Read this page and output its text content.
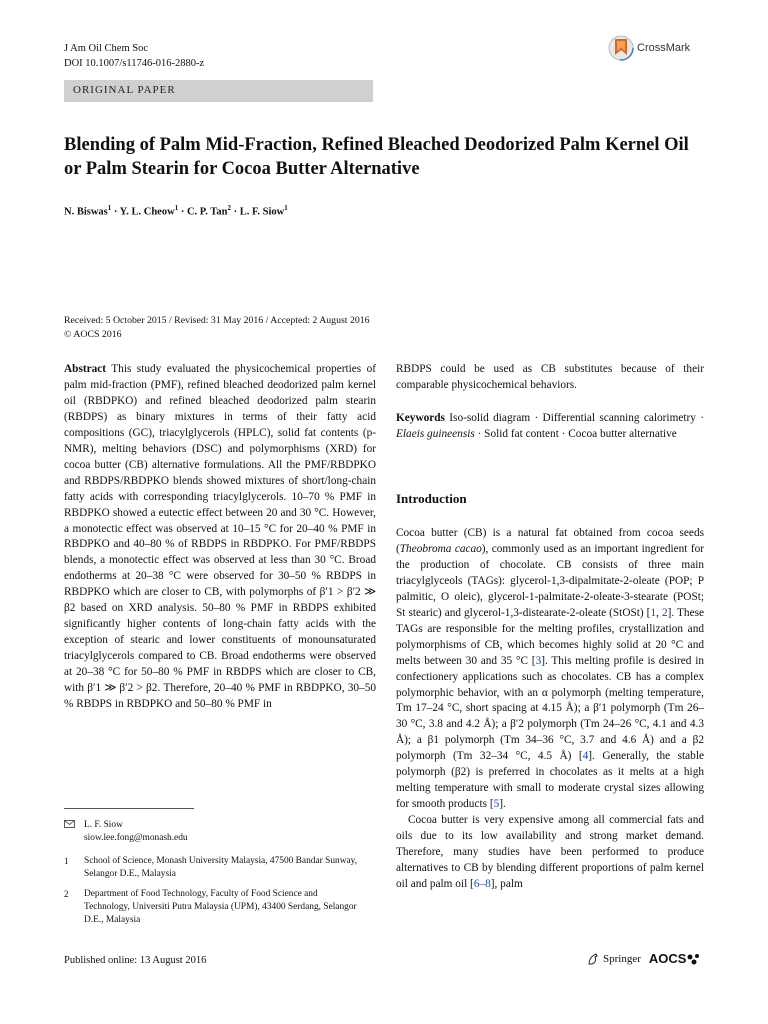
J Am Oil Chem Soc
DOI 10.1007/s11746-016-2880-z
CrossMark
ORIGINAL PAPER
Blending of Palm Mid-Fraction, Refined Bleached Deodorized Palm Kernel Oil or Palm Stearin for Cocoa Butter Alternative
N. Biswas$^1$ · Y. L. Cheow$^1$ · C. P. Tan$^2$ · L. F. Siow$^1$
Received: 5 October 2015 / Revised: 31 May 2016 / Accepted: 2 August 2016
© AOCS 2016

Abstract This study evaluated the physicochemical properties of palm mid-fraction (PMF), refined bleached deodorized palm kernel oil (RBDPKO) and refined bleached deodorized palm stearin (RBDPS) as binary mixtures in terms of their fatty acid compositions (GC), triacylglycerols (HPLC), solid fat contents (p-NMR), melting behaviors (DSC) and polymorphisms (XRD) for cocoa butter (CB) alternative formulations. All the PMF/RBDPKO and RBDPS/RBDPKO blends showed mixtures of short/long-chain fatty acids with corresponding triacylglycerols. 10–70 % PMF in RBDPKO showed a eutectic effect between 20 and 30 °C. However, a monotectic effect was observed at 10–15 °C for 20–40 % PMF in RBDPKO and 40–80 % of RBDPS in RBDPKO. For PMF/RBDPS blends, a monotectic effect was observed at less than 30 °C. Broad endotherms at 20–38 °C were observed for 30–50 % RBDPS in RBDPKO which are closer to CB, with polymorphs of β′1 > β′2 ≫ β2 based on XRD analysis. 50–80 % PMF in RBDPS exhibited significantly higher contents of long-chain fatty acids with the exception of stearic and lower constituents of monounsaturated triacylglycerols compared to CB. Broad endotherms were observed at 20–38 °C for 50–80 % PMF in RBDPS which are closer to CB, with β′1 ≫ β′2 > β2. Therefore, 20–40 % PMF in RBDPKO, 30–50 % RBDPS in RBDPKO and 50–80 % PMF in

RBDPS could be used as CB substitutes because of their comparable physicochemical behaviors.

Keywords Iso-solid diagram · Differential scanning calorimetry · Elaeis guineensis · Solid fat content · Cocoa butter alternative

Introduction

Cocoa butter (CB) is a natural fat obtained from cocoa seeds (Theobroma cacao), commonly used as an important ingredient for the production of chocolate. CB consists of three main triacylglyceols (TAGs): glycerol-1,3-dipalmitate-2-oleate (POP; P palmitic, O oleic), glycerol-1-palmitate-2-oleate-3-stearate (POSt; St stearic) and glycerol-1,3-distearate-2-oleate (StOSt) [1, 2]. These TAGs are responsible for the melting profiles, crystallization and polymorphisms of CB, which becomes highly solid at 20 °C and melts between 30 and 35 °C [3]. This melting profile is desired in confectionery applications such as chocolates. CB has a complex polymorphic behavior, with an α polymorph (melting temperature, Tm 17–24 °C, short spacing at 4.15 Å); a β′1 polymorph (Tm 26–30 °C, 3.8 and 4.2 Å); a β′2 polymorph (Tm 24–26 °C, 4.1 and 4.3 Å); a β1 polymorph (Tm 34–36 °C, 3.7 and 4.6 Å) and a β2 polymorph (Tm 32–34 °C, 4.5 Å) [4]. Generally, the stable polymorph (β2) is preferred in chocolates as it melts at a high melting temperature with small to moderate crystal sizes allowing for smooth products [5].

Cocoa butter is very expensive among all commercial fats and oils due to its low availability and strong market demand. Therefore, many studies have been performed to produce alternatives to CB by blending different proportions of palm kernel oil and palm oil [6–8], palm

L. F. Siow
siow.lee.fong@monash.edu
1	School of Science, Monash University Malaysia, 47500 Bandar Sunway, Selangor D.E., Malaysia
2	Department of Food Technology, Faculty of Food Science and Technology, Universiti Putra Malaysia (UPM), 43400 Serdang, Selangor D.E., Malaysia
Published online: 13 August 2016	Springer AOCS
